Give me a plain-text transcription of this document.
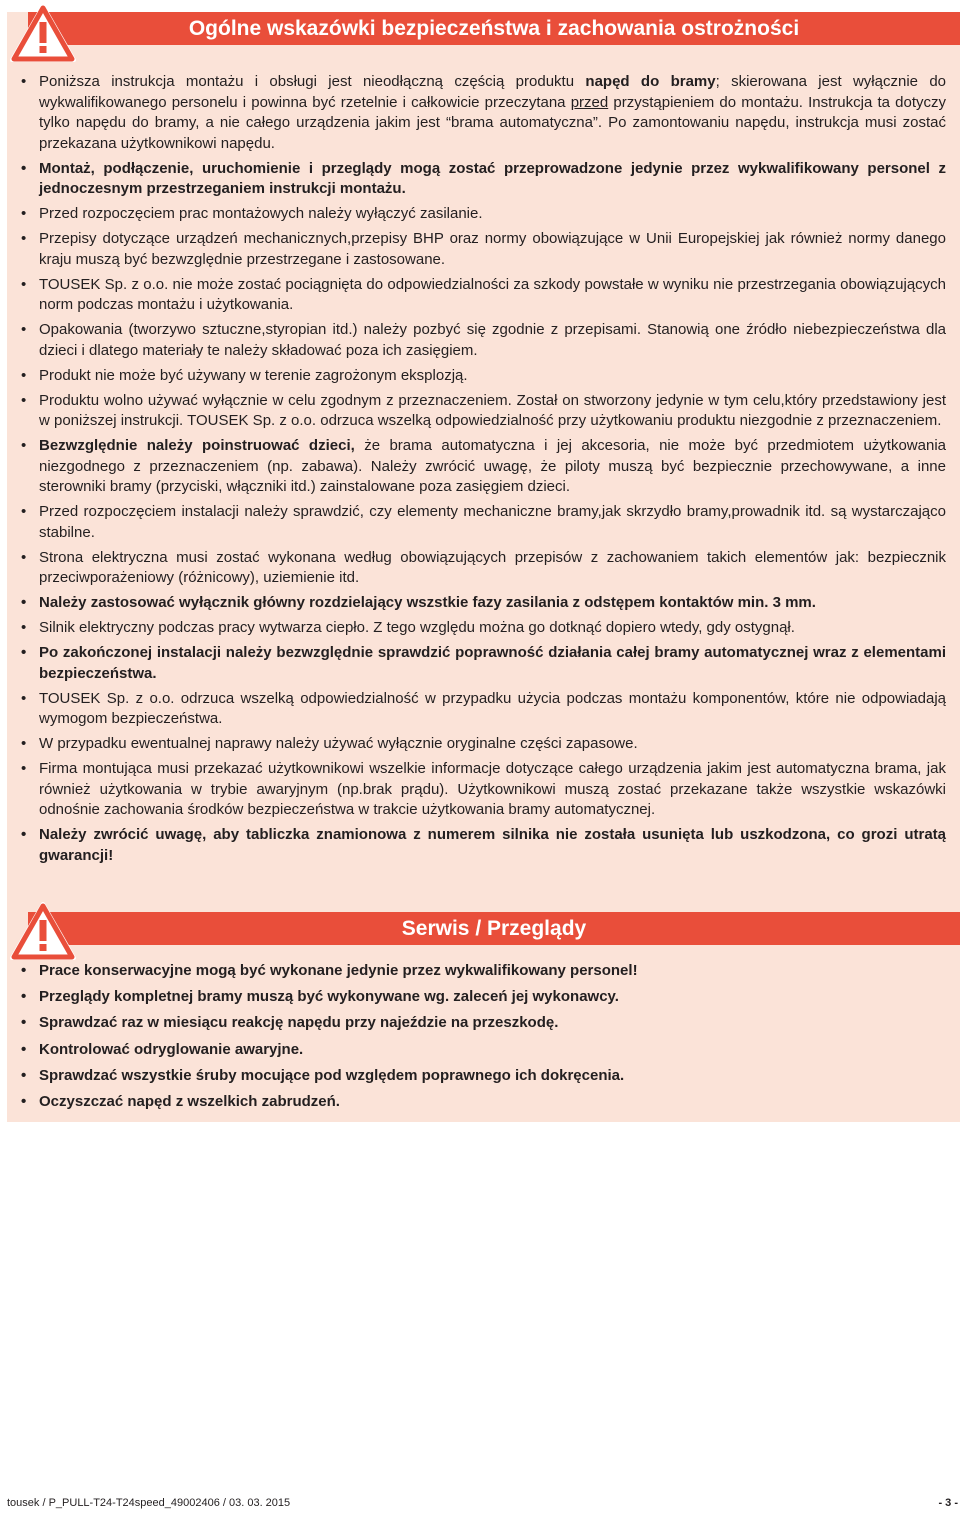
Ogólne wskazówki bezpieczeństwa i zachowania ostrożności
• Poniższa instrukcja montażu i obsługi jest nieodłączną częścią produktu napęd do bramy; skierowana jest wyłącznie do wykwalifikowanego personelu i powinna być rzetelnie i całkowicie przeczytana przed przystąpieniem do montażu. Instrukcja ta dotyczy tylko napędu do bramy, a nie całego urządzenia jakim jest “brama automatyczna”. Po zamontowaniu napędu, instrukcja musi zostać przekazana użytkownikowi napędu.
• Montaż, podłączenie, uruchomienie i przeglądy mogą zostać przeprowadzone jedynie przez wykwalifikowany personel z jednoczesnym przestrzeganiem instrukcji montażu.
• Przed rozpoczęciem prac montażowych należy wyłączyć zasilanie.
• Przepisy dotyczące urządzeń mechanicznych,przepisy BHP oraz normy obowiązujące w Unii Europejskiej jak również normy danego kraju muszą być bezwzględnie przestrzegane i zastosowane.
• TOUSEK Sp. z o.o. nie może zostać pociągnięta do odpowiedzialności za szkody powstałe w wyniku nie przestrzegania obowiązujących norm podczas montażu i użytkowania.
• Opakowania (tworzywo sztuczne,styropian itd.) należy pozbyć się zgodnie z przepisami. Stanowią one źródło niebezpieczeństwa dla dzieci i dlatego materiały te należy składować poza ich zasięgiem.
• Produkt nie może być używany w terenie zagrożonym eksplozją.
• Produktu wolno używać wyłącznie w celu zgodnym z przeznaczeniem. Został on stworzony jedynie w tym celu,który przedstawiony jest w poniższej instrukcji. TOUSEK Sp. z o.o. odrzuca wszelką odpowiedzialność przy użytkowaniu produktu niezgodnie z przeznaczeniem.
• Bezwzględnie należy poinstruować dzieci, że brama automatyczna i jej akcesoria, nie może być przedmiotem użytkowania niezgodnego z przeznaczeniem (np. zabawa). Należy zwrócić uwagę, że piloty muszą być bezpiecznie przechowywane, a inne sterowniki bramy (przyciski, włączniki itd.) zainstalowane poza zasięgiem dzieci.
• Przed rozpoczęciem instalacji należy sprawdzić, czy elementy mechaniczne bramy,jak skrzydło bramy,prowadnik itd. są wystarczająco stabilne.
• Strona elektryczna musi zostać wykonana według obowiązujących przepisów z zachowaniem takich elementów jak: bezpiecznik przeciwporażeniowy (różnicowy), uziemienie itd.
• Należy zastosować wyłącznik główny rozdzielający wszstkie fazy zasilania z odstępem kontaktów min. 3 mm.
• Silnik elektryczny podczas pracy wytwarza ciepło. Z tego względu można go dotknąć dopiero wtedy, gdy ostygnął.
• Po zakończonej instalacji należy bezwzględnie sprawdzić poprawność działania całej bramy automatycznej wraz z elementami bezpieczeństwa.
• TOUSEK Sp. z o.o. odrzuca wszelką odpowiedzialność w przypadku użycia podczas montażu komponentów, które nie odpowiadają wymogom bezpieczeństwa.
• W przypadku ewentualnej naprawy należy używać wyłącznie oryginalne części zapasowe.
• Firma montująca musi przekazać użytkownikowi wszelkie informacje dotyczące całego urządzenia jakim jest automatyczna brama, jak również użytkowania w trybie awaryjnym (np.brak prądu). Użytkownikowi muszą zostać przekazane także wszystkie wskazówki odnośnie zachowania środków bezpieczeństwa w trakcie użytkowania bramy automatycznej.
• Należy zwrócić uwagę, aby tabliczka znamionowa z numerem silnika nie została usunięta lub uszkodzona, co grozi utratą gwarancji!
Serwis / Przeglądy
• Prace konserwacyjne mogą być wykonane jedynie przez wykwalifikowany personel!
• Przeglądy kompletnej bramy muszą być wykonywane wg. zaleceń jej wykonawcy.
• Sprawdzać raz w miesiącu reakcję napędu przy najeździe na przeszkodę.
• Kontrolować odryglowanie awaryjne.
• Sprawdzać wszystkie śruby mocujące pod względem poprawnego ich dokręcenia.
• Oczyszczać napęd z wszelkich zabrudzeń.
tousek / P_PULL-T24-T24speed_49002406 / 03. 03. 2015	- 3 -
